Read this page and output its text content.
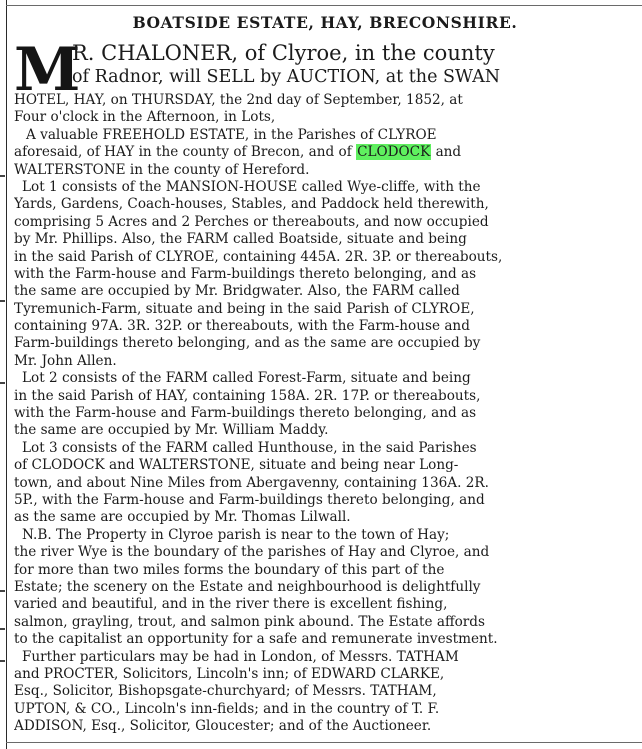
BOATSIDE ESTATE, HAY, BRECONSHIRE.
M
R. CHALONER, of Clyroe, in the county
of Radnor, will SELL by AUCTION, at the SWAN
HOTEL, HAY, on THURSDAY, the 2nd day of September, 1852, at
Four o'clock in the Afternoon, in Lots,
A valuable FREEHOLD ESTATE, in the Parishes of CLYROE
aforesaid, of HAY in the county of Brecon, and of CLODOCK and
WALTERSTONE in the county of Hereford.
Lot 1 consists of the MANSION-HOUSE called Wye-cliffe, with the
Yards, Gardens, Coach-houses, Stables, and Paddock held therewith,
comprising 5 Acres and 2 Perches or thereabouts, and now occupied
by Mr. Phillips. Also, the FARM called Boatside, situate and being
in the said Parish of CLYROE, containing 445A. 2R. 3P. or thereabouts,
with the Farm-house and Farm-buildings thereto belonging, and as
the same are occupied by Mr. Bridgwater. Also, the FARM called
Tyremunich-Farm, situate and being in the said Parish of CLYROE,
containing 97A. 3R. 32P. or thereabouts, with the Farm-house and
Farm-buildings thereto belonging, and as the same are occupied by
Mr. John Allen.
Lot 2 consists of the FARM called Forest-Farm, situate and being
in the said Parish of HAY, containing 158A. 2R. 17P. or thereabouts,
with the Farm-house and Farm-buildings thereto belonging, and as
the same are occupied by Mr. William Maddy.
Lot 3 consists of the FARM called Hunthouse, in the said Parishes
of CLODOCK and WALTERSTONE, situate and being near Long-
town, and about Nine Miles from Abergavenny, containing 136A. 2R.
5P., with the Farm-house and Farm-buildings thereto belonging, and
as the same are occupied by Mr. Thomas Lilwall.
N.B. The Property in Clyroe parish is near to the town of Hay;
the river Wye is the boundary of the parishes of Hay and Clyroe, and
for more than two miles forms the boundary of this part of the
Estate; the scenery on the Estate and neighbourhood is delightfully
varied and beautiful, and in the river there is excellent fishing,
salmon, grayling, trout, and salmon pink abound. The Estate affords
to the capitalist an opportunity for a safe and remunerate investment.
Further particulars may be had in London, of Messrs. TATHAM
and PROCTER, Solicitors, Lincoln's inn; of EDWARD CLARKE,
Esq., Solicitor, Bishopsgate-churchyard; of Messrs. TATHAM,
UPTON, & CO., Lincoln's inn-fields; and in the country of T. F.
ADDISON, Esq., Solicitor, Gloucester; and of the Auctioneer.
